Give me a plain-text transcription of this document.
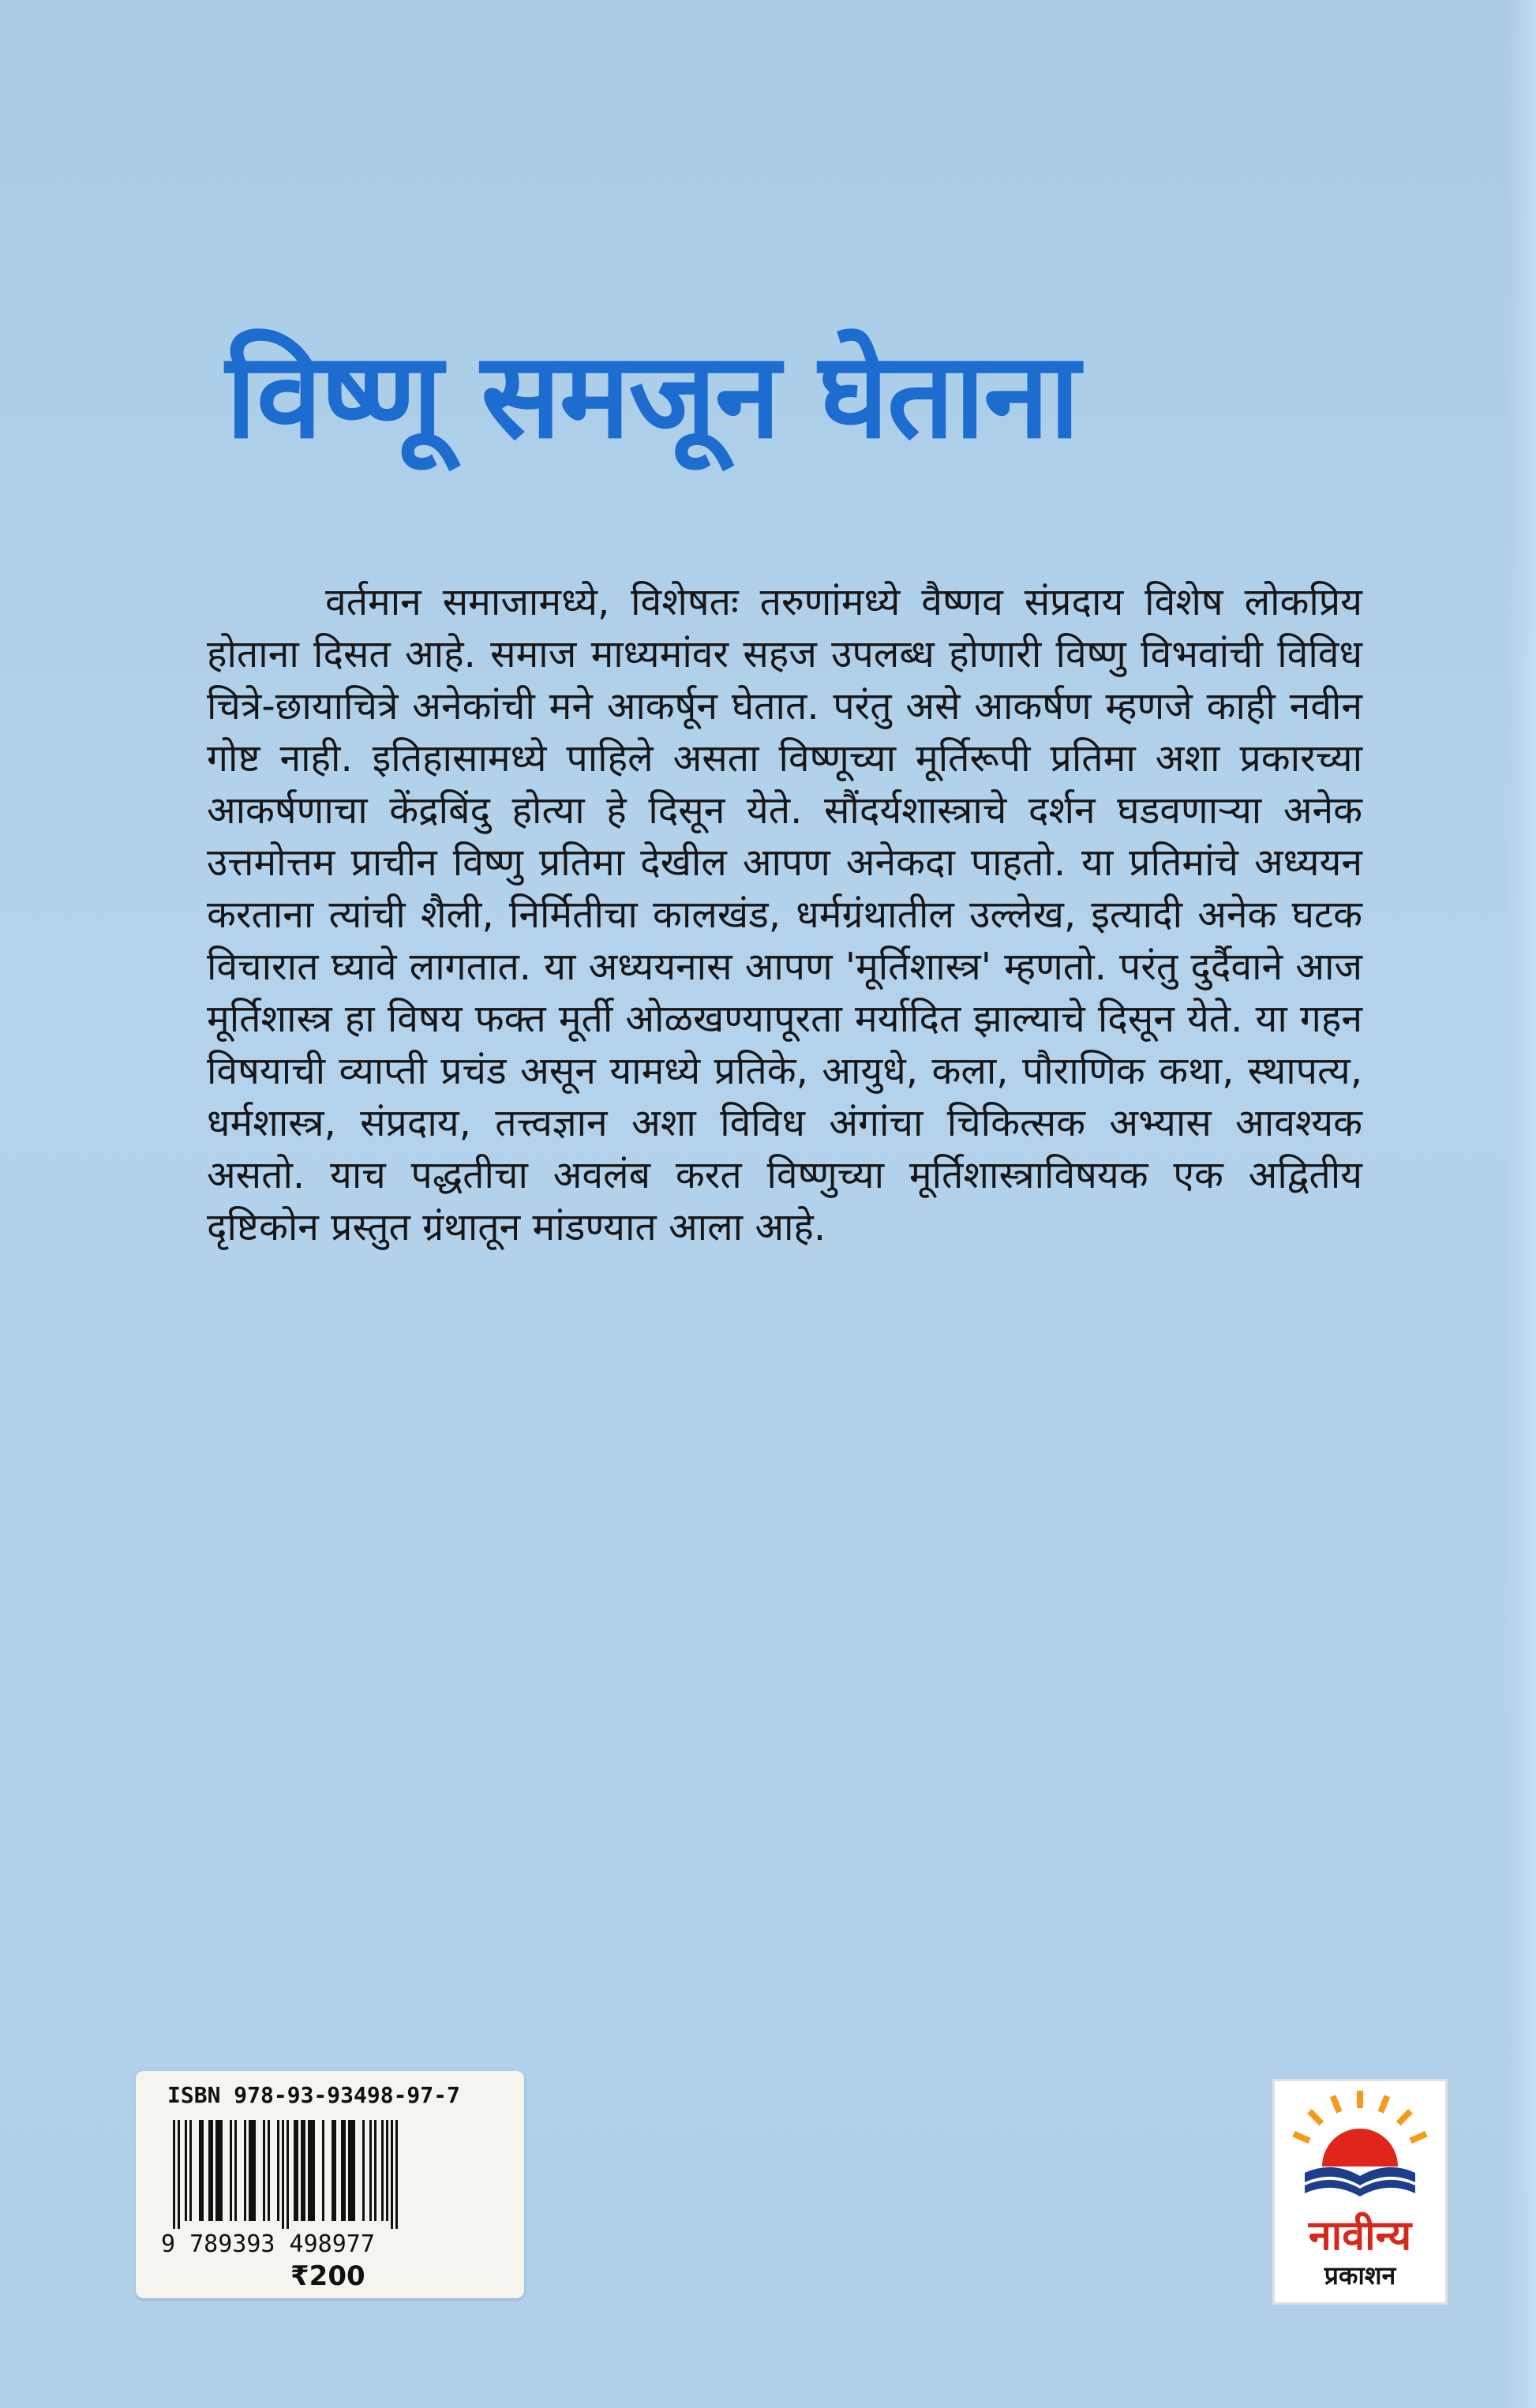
विष्णू समजून घेताना
वर्तमान समाजामध्ये, विशेषतः तरुणांमध्ये वैष्णव संप्रदाय विशेष लोकप्रिय होताना दिसत आहे. समाज माध्यमांवर सहज उपलब्ध होणारी विष्णु विभवांची विविध चित्रे-छायाचित्रे अनेकांची मने आकर्षून घेतात. परंतु असे आकर्षण म्हणजे काही नवीन गोष्ट नाही. इतिहासामध्ये पाहिले असता विष्णूच्या मूर्तिरूपी प्रतिमा अशा प्रकारच्या आकर्षणाचा केंद्रबिंदु होत्या हे दिसून येते. सौंदर्यशास्त्राचे दर्शन घडवणाऱ्या अनेक उत्तमोत्तम प्राचीन विष्णु प्रतिमा देखील आपण अनेकदा पाहतो. या प्रतिमांचे अध्ययन करताना त्यांची शैली, निर्मितीचा कालखंड, धर्मग्रंथातील उल्लेख, इत्यादी अनेक घटक विचारात घ्यावे लागतात. या अध्ययनास आपण 'मूर्तिशास्त्र' म्हणतो. परंतु दुर्दैवाने आज मूर्तिशास्त्र हा विषय फक्त मूर्ती ओळखण्यापूरता मर्यादित झाल्याचे दिसून येते. या गहन विषयाची व्याप्ती प्रचंड असून यामध्ये प्रतिके, आयुधे, कला, पौराणिक कथा, स्थापत्य, धर्मशास्त्र, संप्रदाय, तत्त्वज्ञान अशा विविध अंगांचा चिकित्सक अभ्यास आवश्यक असतो. याच पद्धतीचा अवलंब करत विष्णुच्या मूर्तिशास्त्राविषयक एक अद्वितीय दृष्टिकोन प्रस्तुत ग्रंथातून मांडण्यात आला आहे.
ISBN 978-93-93498-97-7
9 789393 498977
₹200
नावीन्य
प्रकाशन
